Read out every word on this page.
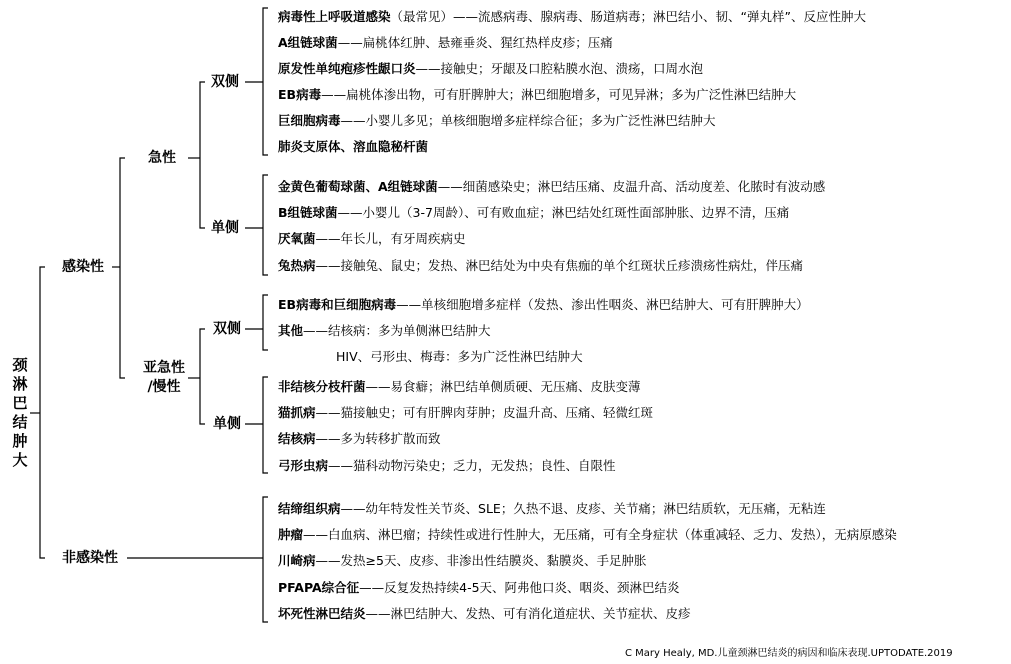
颈淋巴结肿大
感染性
非感染性
急性
亚急性
/慢性
双侧
单侧
双侧
单侧
病毒性上呼吸道感染（最常见）——流感病毒、腺病毒、肠道病毒；淋巴结小、韧、“弹丸样”、反应性肿大
A组链球菌——扁桃体红肿、悬雍垂炎、猩红热样皮疹；压痛
原发性单纯疱疹性龈口炎——接触史；牙龈及口腔粘膜水泡、溃疡，口周水泡
EB病毒——扁桃体渗出物，可有肝脾肿大；淋巴细胞增多，可见异淋；多为广泛性淋巴结肿大
巨细胞病毒——小婴儿多见；单核细胞增多症样综合征；多为广泛性淋巴结肿大
肺炎支原体、溶血隐秘杆菌
金黄色葡萄球菌、A组链球菌——细菌感染史；淋巴结压痛、皮温升高、活动度差、化脓时有波动感
B组链球菌——小婴儿（3-7周龄）、可有败血症；淋巴结处红斑性面部肿胀、边界不清，压痛
厌氧菌——年长儿，有牙周疾病史
兔热病——接触兔、鼠史；发热、淋巴结处为中央有焦痂的单个红斑状丘疹溃疡性病灶，伴压痛
EB病毒和巨细胞病毒——单核细胞增多症样（发热、渗出性咽炎、淋巴结肿大、可有肝脾肿大）
其他——结核病：多为单侧淋巴结肿大
HIV、弓形虫、梅毒：多为广泛性淋巴结肿大
非结核分枝杆菌——易食癖；淋巴结单侧质硬、无压痛、皮肤变薄
猫抓病——猫接触史；可有肝脾肉芽肿；皮温升高、压痛、轻微红斑
结核病——多为转移扩散而致
弓形虫病——猫科动物污染史；乏力，无发热；良性、自限性
结缔组织病——幼年特发性关节炎、SLE；久热不退、皮疹、关节痛；淋巴结质软，无压痛，无粘连
肿瘤——白血病、淋巴瘤；持续性或进行性肿大，无压痛，可有全身症状（体重减轻、乏力、发热），无病原感染
川崎病——发热≥5天、皮疹、非渗出性结膜炎、黏膜炎、手足肿胀
PFAPA综合征——反复发热持续4-5天、阿弗他口炎、咽炎、颈淋巴结炎
坏死性淋巴结炎——淋巴结肿大、发热、可有消化道症状、关节症状、皮疹
C Mary Healy, MD.儿童颈淋巴结炎的病因和临床表现.UPTODATE.2019
